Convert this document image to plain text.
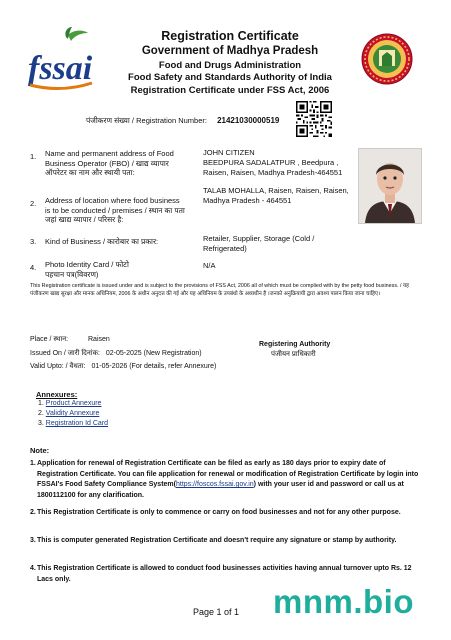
fssai
Registration Certificate
Government of Madhya Pradesh
Food and Drugs Administration
Food Safety and Standards Authority of India
Registration Certificate under FSS Act, 2006
पंजीकरण संख्या / Registration Number: 21421030000519
1. Name and permanent address of Food Business Operator (FBO) / खाद्य व्यापार ऑपरेटर का नाम और स्थायी पता:
JOHN CITIZEN
BEEDPURA SADALATPUR , Beedpura , Raisen, Raisen, Madhya Pradesh-464551
2. Address of location where food business is to be conducted / premises / स्थान का पता जहां खाद्य व्यापार / परिसर है:
TALAB MOHALLA, Raisen, Raisen, Raisen, Madhya Pradesh - 464551
3. Kind of Business / कारोबार का प्रकार:	Retailer, Supplier, Storage (Cold / Refrigerated)
4. Photo Identity Card / फोटो पहचान पत्र(विवरण)
N/A
This Registration certificate is issued under and is subject to the provisions of FSS Act, 2006 all of which must be complied with by the petty food business. / यह पंजीकरण खाद्य सुरक्षा और मानक अधिनियम, 2006 के अधीन अनुदत्त की गई और यह अधिनियम के उपबंधो के अध्यधीन है ।जनको अनुक्रियायी द्वारा अवश्य पालन किया जाना चाहिए।
Place / स्थान:	Raisen
Issued On / जारी दिनांक: 02-05-2025 (New Registration)
Valid Upto: / वैधता: 01-05-2026 (For details, refer Annexure)
Registering Authority
पंजीयन प्राधिकारी
Annexures:
1. Product Annexure
2. Validity Annexure
3. Registration Id Card
Note:
1. Application for renewal of Registration Certificate can be filed as early as 180 days prior to expiry date of Registration Certificate. You can file application for renewal or modification of Registration Certificate by login into FSSAI's Food Safety Compliance System(https://foscos.fssai.gov.in) with your user id and password or call us at 1800112100 for any clarification.
2. This Registration Certificate is only to commence or carry on food businesses and not for any other purpose.
3. This is computer generated Registration Certificate and doesn't require any signature or stamp by authority.
4. This Registration Certificate is allowed to conduct food businesses activities having annual turnover upto Rs. 12 Lacs only.
Page 1 of 1 mnm.bio
